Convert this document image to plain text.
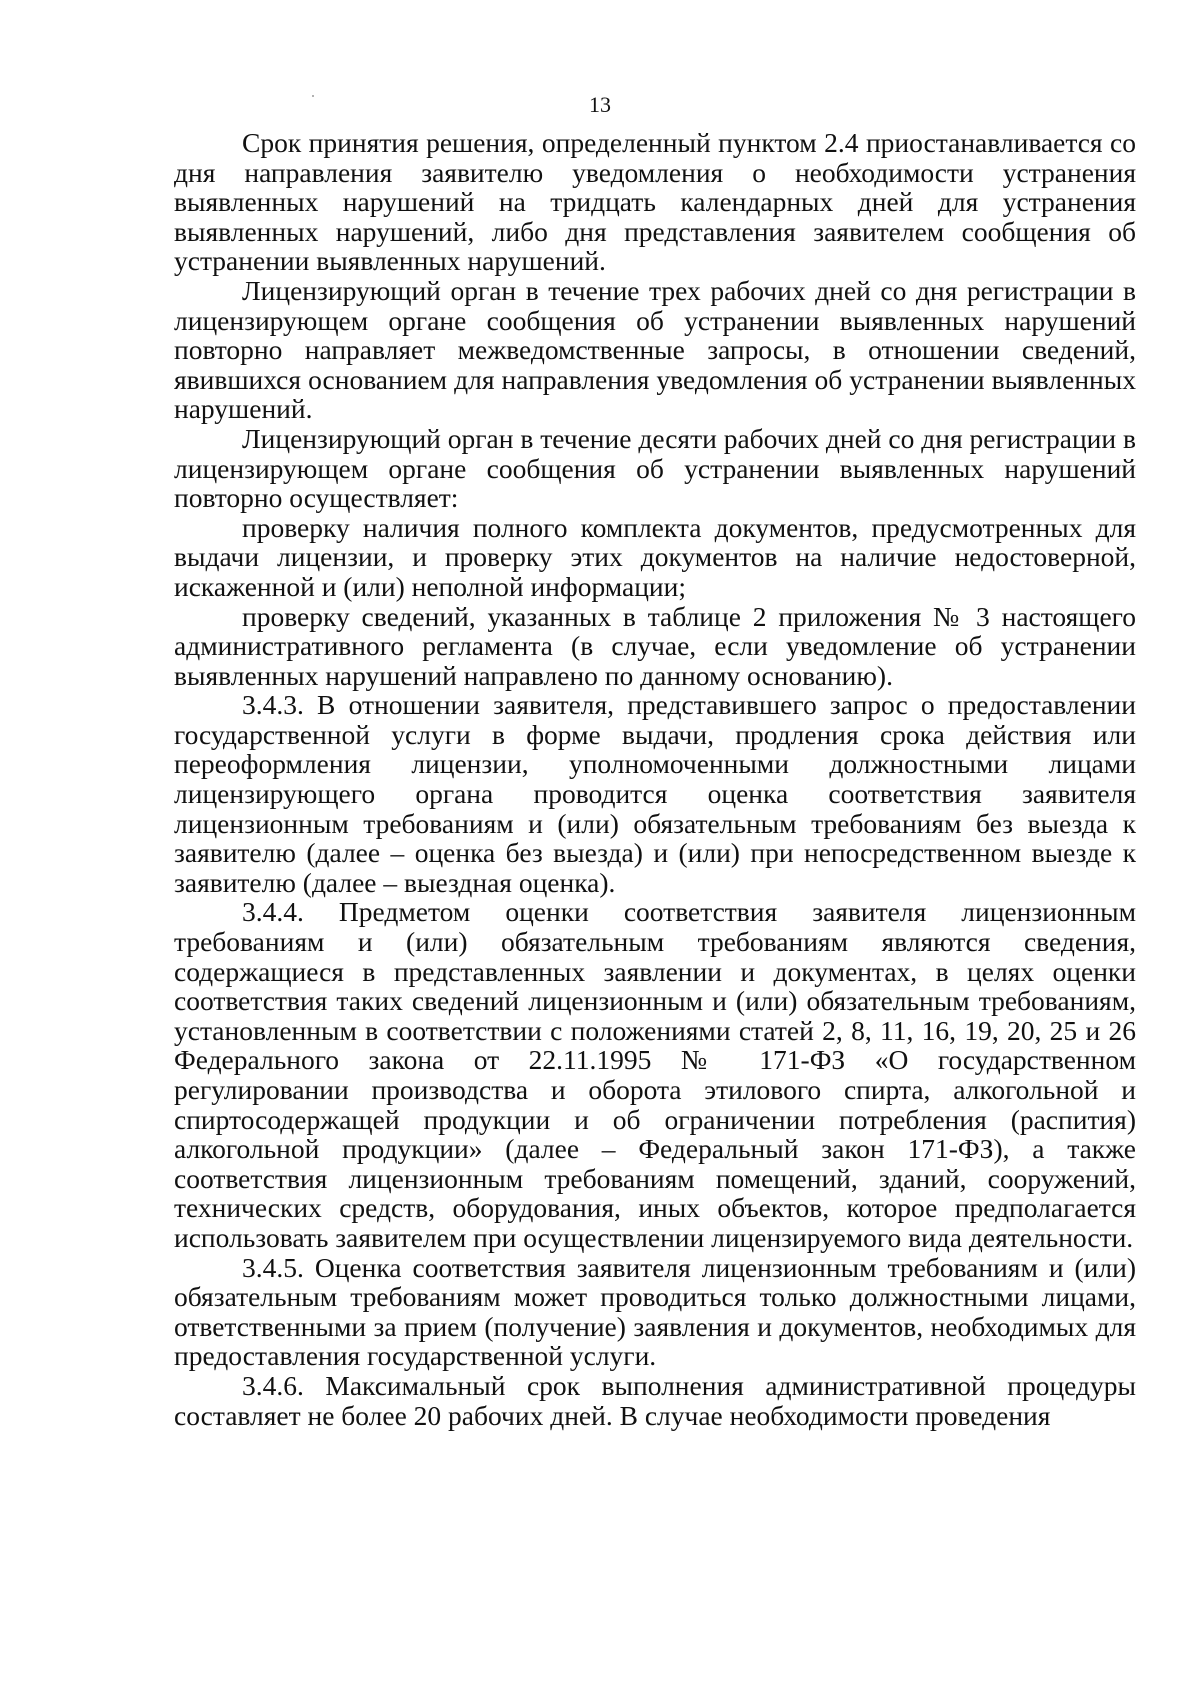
13

Срок принятия решения, определенный пунктом 2.4 приостанавливается со дня направления заявителю уведомления о необходимости устранения выявленных нарушений на тридцать календарных дней для устранения выявленных нарушений, либо дня представления заявителем сообщения об устранении выявленных нарушений.

Лицензирующий орган в течение трех рабочих дней со дня регистрации в лицензирующем органе сообщения об устранении выявленных нарушений повторно направляет межведомственные запросы, в отношении сведений, явившихся основанием для направления уведомления об устранении выявленных нарушений.

Лицензирующий орган в течение десяти рабочих дней со дня регистрации в лицензирующем органе сообщения об устранении выявленных нарушений повторно осуществляет:

проверку наличия полного комплекта документов, предусмотренных для выдачи лицензии, и проверку этих документов на наличие недостоверной, искаженной и (или) неполной информации;

проверку сведений, указанных в таблице 2 приложения № 3 настоящего административного регламента (в случае, если уведомление об устранении выявленных нарушений направлено по данному основанию).

3.4.3. В отношении заявителя, представившего запрос о предоставлении государственной услуги в форме выдачи, продления срока действия или переоформления лицензии, уполномоченными должностными лицами лицензирующего органа проводится оценка соответствия заявителя лицензионным требованиям и (или) обязательным требованиям без выезда к заявителю (далее – оценка без выезда) и (или) при непосредственном выезде к заявителю (далее – выездная оценка).

3.4.4. Предметом оценки соответствия заявителя лицензионным требованиям и (или) обязательным требованиям являются сведения, содержащиеся в представленных заявлении и документах, в целях оценки соответствия таких сведений лицензионным и (или) обязательным требованиям, установленным в соответствии с положениями статей 2, 8, 11, 16, 19, 20, 25 и 26 Федерального закона от 22.11.1995 № 171-ФЗ «О государственном регулировании производства и оборота этилового спирта, алкогольной и спиртосодержащей продукции и об ограничении потребления (распития) алкогольной продукции» (далее – Федеральный закон 171-ФЗ), а также соответствия лицензионным требованиям помещений, зданий, сооружений, технических средств, оборудования, иных объектов, которое предполагается использовать заявителем при осуществлении лицензируемого вида деятельности.

3.4.5. Оценка соответствия заявителя лицензионным требованиям и (или) обязательным требованиям может проводиться только должностными лицами, ответственными за прием (получение) заявления и документов, необходимых для предоставления государственной услуги.

3.4.6. Максимальный срок выполнения административной процедуры составляет не более 20 рабочих дней. В случае необходимости проведения
